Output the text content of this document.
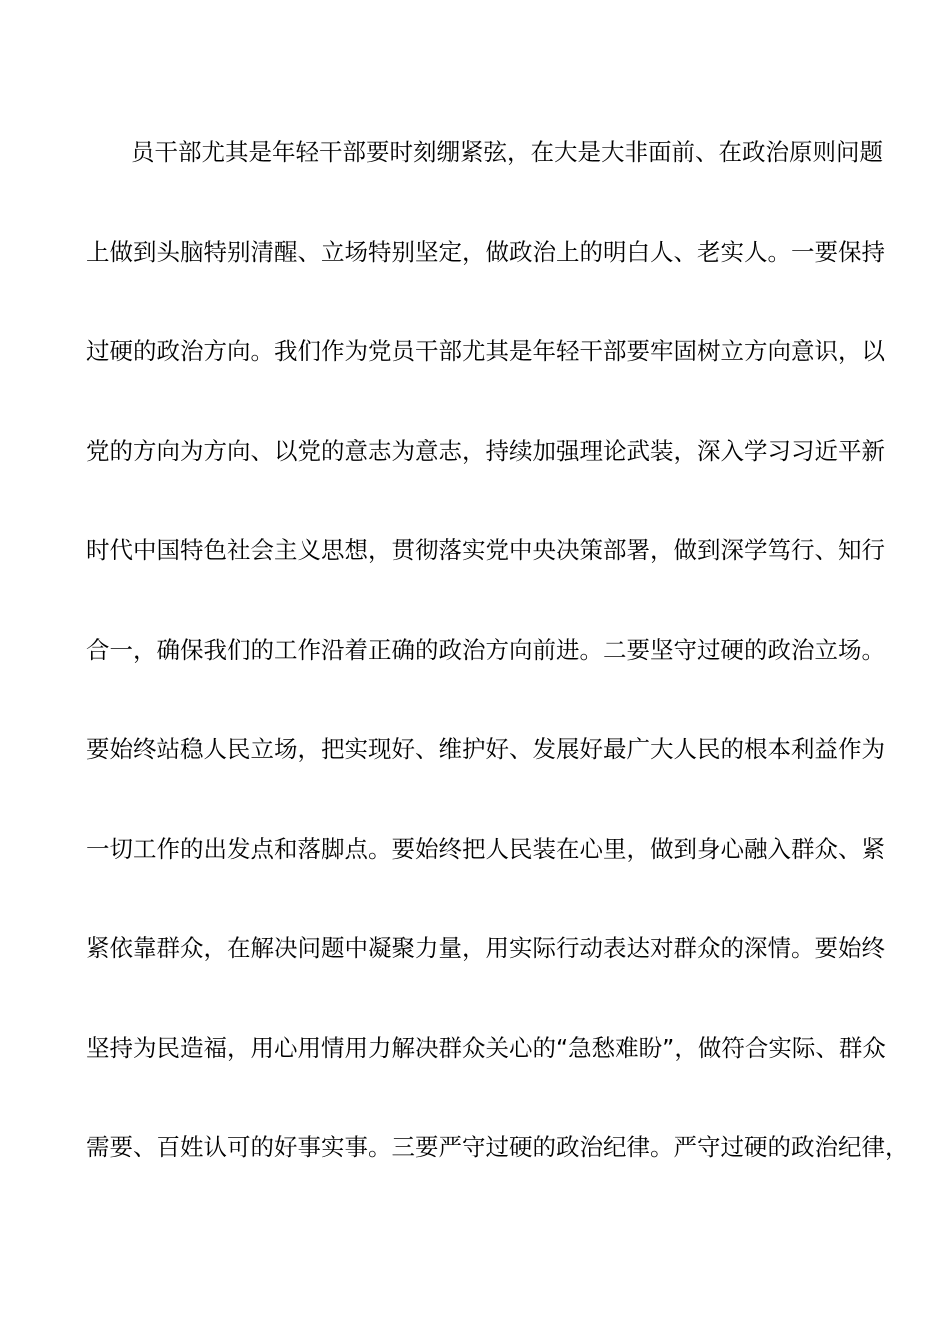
员干部尤其是年轻干部要时刻绷紧弦，在大是大非面前、在政治原则问题
上做到头脑特别清醒、立场特别坚定，做政治上的明白人、老实人。一要保持
过硬的政治方向。我们作为党员干部尤其是年轻干部要牢固树立方向意识，以
党的方向为方向、以党的意志为意志，持续加强理论武装，深入学习习近平新
时代中国特色社会主义思想，贯彻落实党中央决策部署，做到深学笃行、知行
合一，确保我们的工作沿着正确的政治方向前进。二要坚守过硬的政治立场。
要始终站稳人民立场，把实现好、维护好、发展好最广大人民的根本利益作为
一切工作的出发点和落脚点。要始终把人民装在心里，做到身心融入群众、紧
紧依靠群众，在解决问题中凝聚力量，用实际行动表达对群众的深情。要始终
坚持为民造福，用心用情用力解决群众关心的“急愁难盼”，做符合实际、群众
需要、百姓认可的好事实事。三要严守过硬的政治纪律。严守过硬的政治纪律，
